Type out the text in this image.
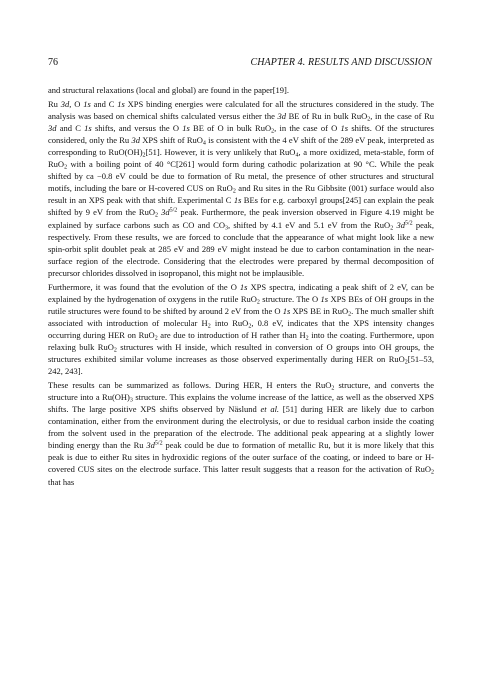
76	CHAPTER 4. RESULTS AND DISCUSSION

and structural relaxations (local and global) are found in the paper[19].

Ru 3d, O 1s and C 1s XPS binding energies were calculated for all the structures considered in the study. The analysis was based on chemical shifts calculated versus either the 3d BE of Ru in bulk RuO$_2$, in the case of Ru 3d and C 1s shifts, and versus the O 1s BE of O in bulk RuO$_2$, in the case of O 1s shifts. Of the structures considered, only the Ru 3d XPS shift of RuO$_4$ is consistent with the 4 eV shift of the 289 eV peak, interpreted as corresponding to $RuO(OH)_2[51]$. However, it is very unlikely that RuO$_4$, a more oxidized, meta-stable, form of RuO$_2$ with a boiling point of 40 °C[261] would form during cathodic polarization at 90 °C. While the peak shifted by ca −0.8 eV could be due to formation of Ru metal, the presence of other structures and structural motifs, including the bare or H-covered CUS on RuO$_2$ and Ru sites in the Ru Gibbsite (001) surface would also result in an XPS peak with that shift. Experimental C 1s BEs for e.g. carboxyl groups[245] can explain the peak shifted by 9 eV from the RuO$_2$ $3d^{5/2}$ peak. Furthermore, the peak inversion observed in Figure 4.19 might be explained by surface carbons such as CO and $CO_3$, shifted by 4.1 eV and 5.1 eV from the RuO$_2$ $3d^{5/2}$ peak, respectively. From these results, we are forced to conclude that the appearance of what might look like a new spin-orbit split doublet peak at 285 eV and 289 eV might instead be due to carbon contamination in the near-surface region of the electrode. Considering that the electrodes were prepared by thermal decomposition of precursor chlorides dissolved in isopropanol, this might not be implausible.

Furthermore, it was found that the evolution of the O 1s XPS spectra, indicating a peak shift of 2 eV, can be explained by the hydrogenation of oxygens in the rutile RuO$_2$ structure. The O 1s XPS BEs of OH groups in the rutile structures were found to be shifted by around 2 eV from the O 1s XPS BE in RuO$_2$. The much smaller shift associated with introduction of molecular $H_2$ into RuO$_2$, 0.8 eV, indicates that the XPS intensity changes occurring during HER on RuO$_2$ are due to introduction of H rather than $H_2$ into the coating. Furthermore, upon relaxing bulk RuO$_2$ structures with H inside, which resulted in conversion of O groups into OH groups, the structures exhibited similar volume increases as those observed experimentally during HER on RuO$_2$[51–53, 242, 243].

These results can be summarized as follows. During HER, H enters the RuO$_2$ structure, and converts the structure into a $Ru(OH)_3$ structure. This explains the volume increase of the lattice, as well as the observed XPS shifts. The large positive XPS shifts observed by Näslund et al. [51] during HER are likely due to carbon contamination, either from the environment during the electrolysis, or due to residual carbon inside the coating from the solvent used in the preparation of the electrode. The additional peak appearing at a slightly lower binding energy than the Ru $3d^{5/2}$ peak could be due to formation of metallic Ru, but it is more likely that this peak is due to either Ru sites in hydroxidic regions of the outer surface of the coating, or indeed to bare or H-covered CUS sites on the electrode surface. This latter result suggests that a reason for the activation of RuO$_2$ that has
